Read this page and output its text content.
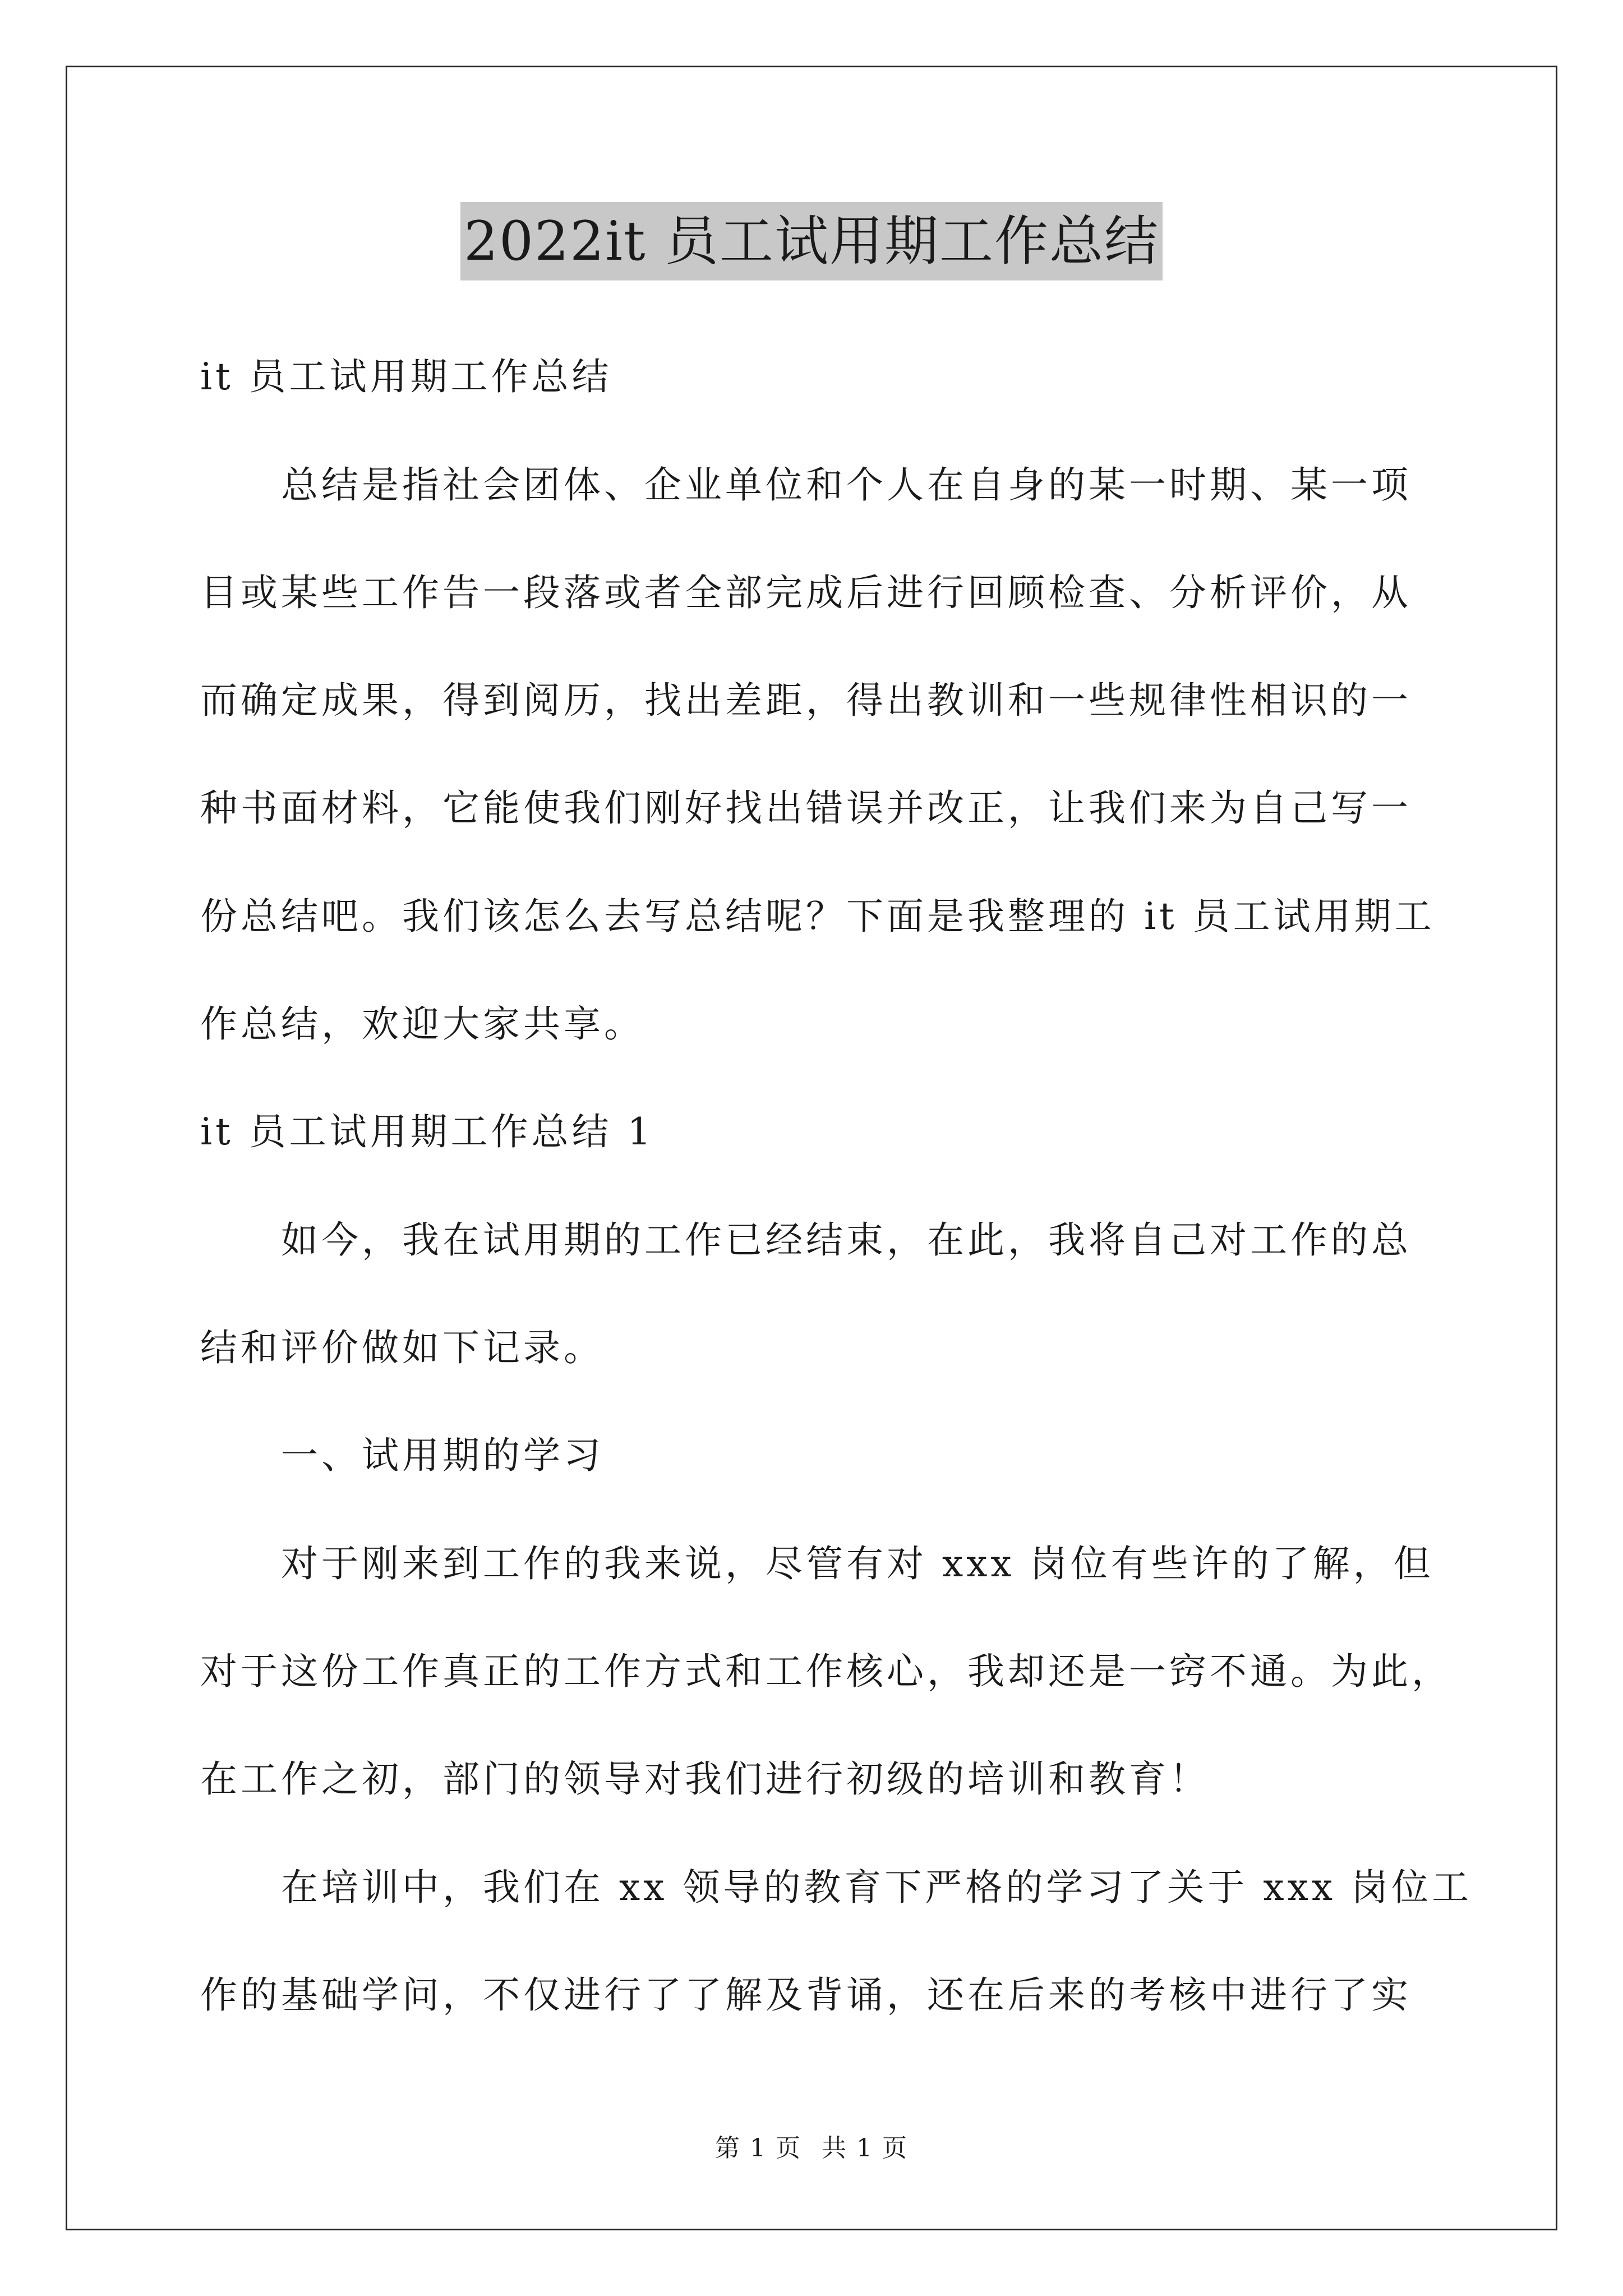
2022it 员工试用期工作总结
it 员工试用期工作总结
总结是指社会团体、企业单位和个人在自身的某一时期、某一项
目或某些工作告一段落或者全部完成后进行回顾检查、分析评价，从
而确定成果，得到阅历，找出差距，得出教训和一些规律性相识的一
种书面材料，它能使我们刚好找出错误并改正，让我们来为自己写一
份总结吧。我们该怎么去写总结呢？下面是我整理的 it 员工试用期工
作总结，欢迎大家共享。
it 员工试用期工作总结 1
如今，我在试用期的工作已经结束，在此，我将自己对工作的总
结和评价做如下记录。
一、试用期的学习
对于刚来到工作的我来说，尽管有对 xxx 岗位有些许的了解，但
对于这份工作真正的工作方式和工作核心，我却还是一窍不通。为此，
在工作之初，部门的领导对我们进行初级的培训和教育！
在培训中，我们在 xx 领导的教育下严格的学习了关于 xxx 岗位工
作的基础学问，不仅进行了了解及背诵，还在后来的考核中进行了实
第 1 页 共 1 页
